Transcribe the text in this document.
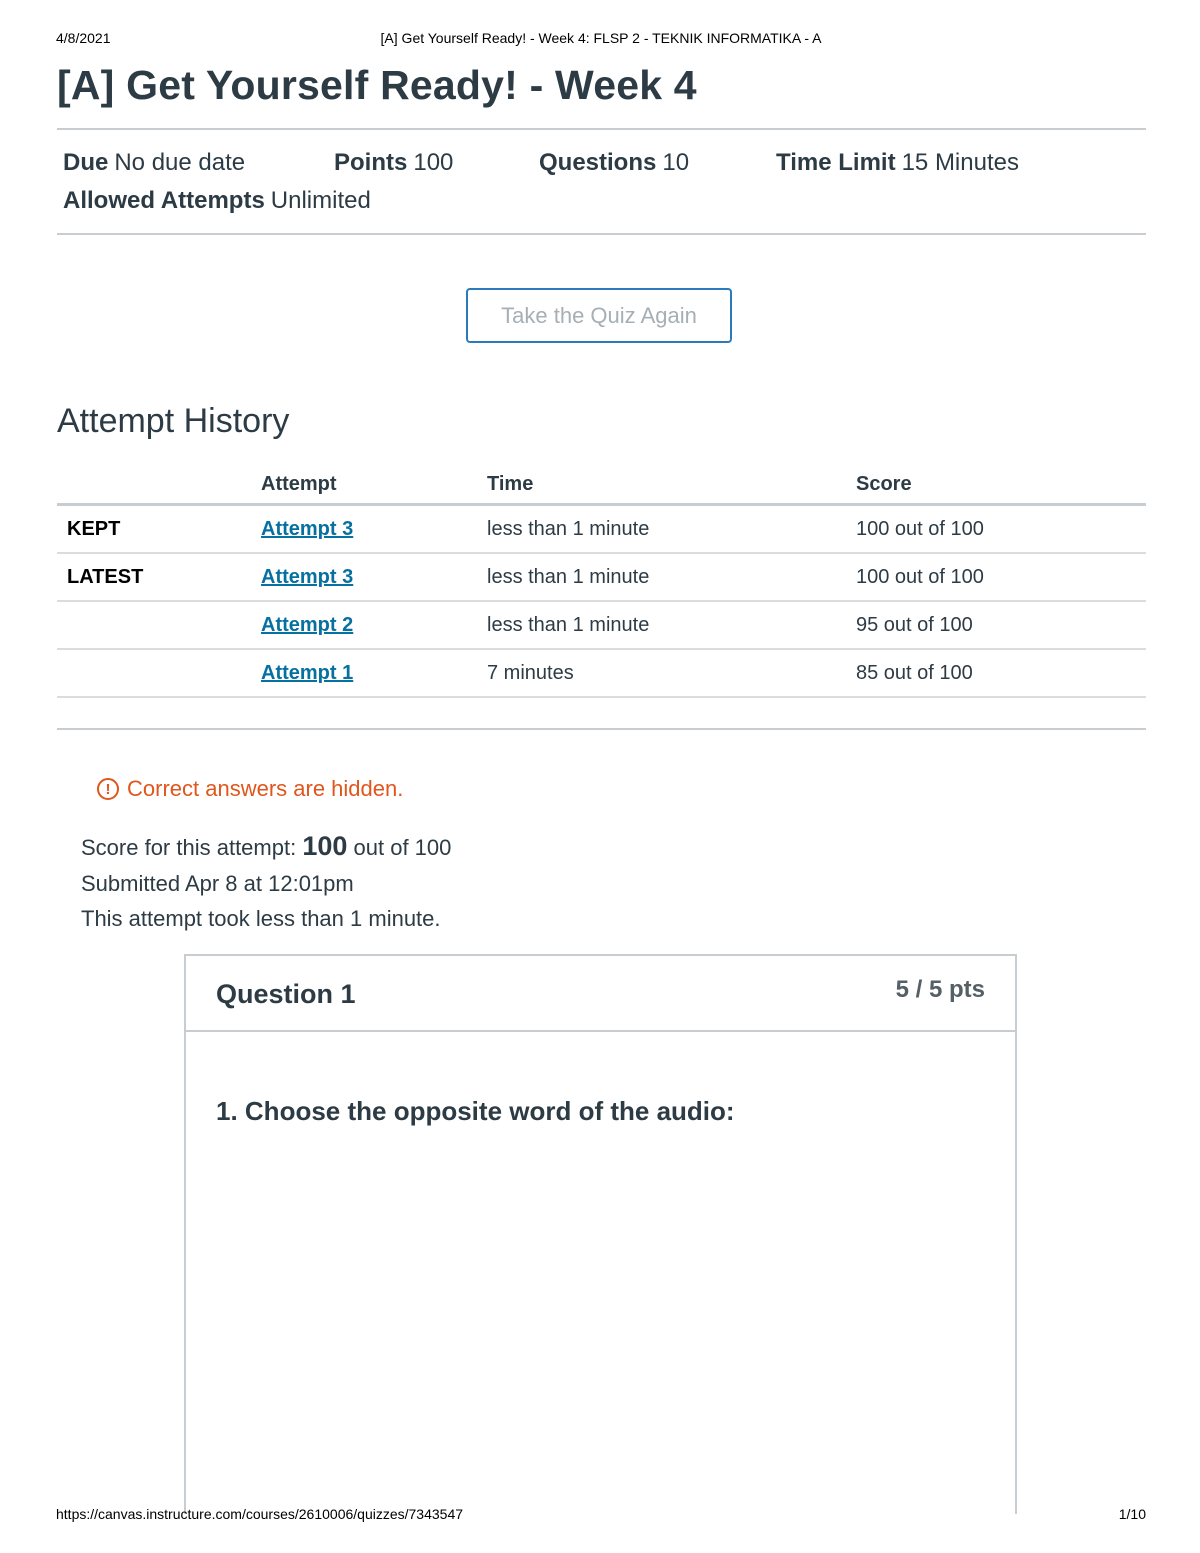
4/8/2021	[A] Get Yourself Ready! - Week 4: FLSP 2 - TEKNIK INFORMATIKA - A
[A] Get Yourself Ready! - Week 4
Due No due date	Points 100	Questions 10	Time Limit 15 Minutes
Allowed Attempts Unlimited
Take the Quiz Again
Attempt History
	Attempt	Time	Score
KEPT	Attempt 3	less than 1 minute	100 out of 100
LATEST	Attempt 3	less than 1 minute	100 out of 100
	Attempt 2	less than 1 minute	95 out of 100
	Attempt 1	7 minutes	85 out of 100
! Correct answers are hidden.
Score for this attempt: 100 out of 100
Submitted Apr 8 at 12:01pm
This attempt took less than 1 minute.
Question 1	5 / 5 pts
1. Choose the opposite word of the audio:
https://canvas.instructure.com/courses/2610006/quizzes/7343547	1/10
